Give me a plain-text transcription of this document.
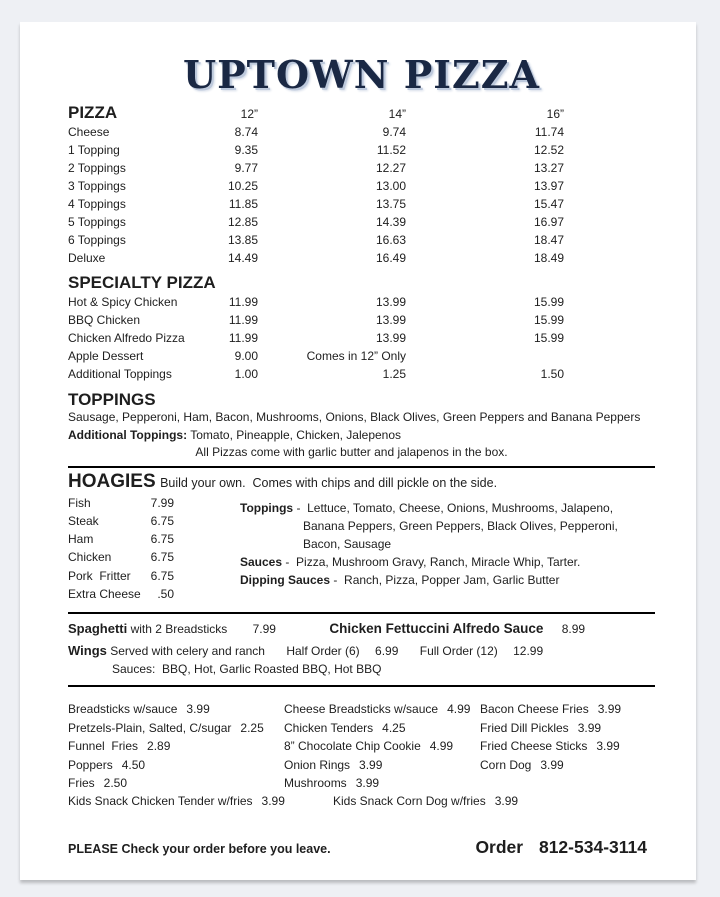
UPTOWN PIZZA
PIZZA	12”	14”	16”
Cheese	8.74	9.74	11.74
1 Topping	9.35	11.52	12.52
2 Toppings	9.77	12.27	13.27
3 Toppings	10.25	13.00	13.97
4 Toppings	11.85	13.75	15.47
5 Toppings	12.85	14.39	16.97
6 Toppings	13.85	16.63	18.47
Deluxe	14.49	16.49	18.49
SPECIALTY PIZZA			
Hot & Spicy Chicken	11.99	13.99	15.99
BBQ Chicken	11.99	13.99	15.99
Chicken Alfredo Pizza	11.99	13.99	15.99
Apple Dessert	9.00	Comes in 12” Only	
Additional Toppings	1.00	1.25	1.50
TOPPINGS
Sausage, Pepperoni, Ham, Bacon, Mushrooms, Onions, Black Olives, Green Peppers and Banana Peppers
Additional Toppings: Tomato, Pineapple, Chicken, Jalepenos
All Pizzas come with garlic butter and jalapenos in the box.
HOAGIES Build your own.  Comes with chips and dill pickle on the side.
Fish	7.99
Steak	6.75
Ham	6.75
Chicken	6.75
Pork  Fritter	6.75
Extra Cheese	.50
Toppings -  Lettuce, Tomato, Cheese, Onions, Mushrooms, Jalapeno,
Banana Peppers, Green Peppers, Black Olives, Pepperoni,
Bacon, Sausage
Sauces -  Pizza, Mushroom Gravy, Ranch, Miracle Whip, Tarter.
Dipping Sauces -  Ranch, Pizza, Popper Jam, Garlic Butter
Spaghetti with 2 Breadsticks 7.99	Chicken Fettuccini Alfredo Sauce 8.99
Wings Served with celery and ranch Half Order (6) 6.99 Full Order (12) 12.99
Sauces:  BBQ, Hot, Garlic Roasted BBQ, Hot BBQ
Breadsticks w/sauce 3.99
Pretzels-Plain, Salted, C/sugar 2.25
Funnel  Fries 2.89
Poppers 4.50
Fries 2.50
Cheese Breadsticks w/sauce 4.99
Chicken Tenders 4.25
8” Chocolate Chip Cookie 4.99
Onion Rings 3.99
Mushrooms 3.99
Bacon Cheese Fries 3.99
Fried Dill Pickles 3.99
Fried Cheese Sticks 3.99
Corn Dog 3.99
Kids Snack Chicken Tender w/fries 3.99	Kids Snack Corn Dog w/fries 3.99
PLEASE Check your order before you leave.	Order 812-534-3114
